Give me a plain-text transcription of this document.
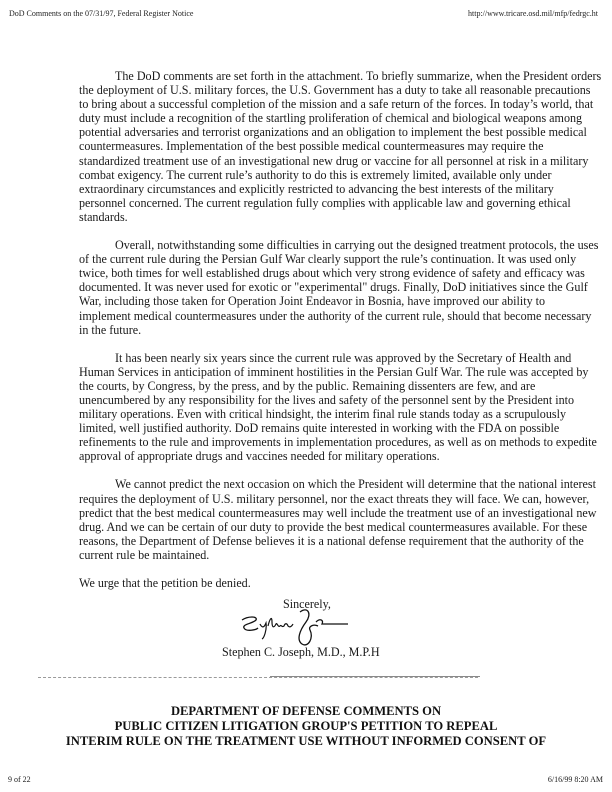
DoD Comments on the 07/31/97, Federal Register Notice	http://www.tricare.osd.mil/mfp/fedrgc.ht
The DoD comments are set forth in the attachment. To briefly summarize, when the President orders
the deployment of U.S. military forces, the U.S. Government has a duty to take all reasonable precautions
to bring about a successful completion of the mission and a safe return of the forces. In today’s world, that
duty must include a recognition of the startling proliferation of chemical and biological weapons among
potential adversaries and terrorist organizations and an obligation to implement the best possible medical
countermeasures. Implementation of the best possible medical countermeasures may require the
standardized treatment use of an investigational new drug or vaccine for all personnel at risk in a military
combat exigency. The current rule’s authority to do this is extremely limited, available only under
extraordinary circumstances and explicitly restricted to advancing the best interests of the military
personnel concerned. The current regulation fully complies with applicable law and governing ethical
standards.
Overall, notwithstanding some difficulties in carrying out the designed treatment protocols, the uses
of the current rule during the Persian Gulf War clearly support the rule’s continuation. It was used only
twice, both times for well established drugs about which very strong evidence of safety and efficacy was
documented. It was never used for exotic or "experimental" drugs. Finally, DoD initiatives since the Gulf
War, including those taken for Operation Joint Endeavor in Bosnia, have improved our ability to
implement medical countermeasures under the authority of the current rule, should that become necessary
in the future.
It has been nearly six years since the current rule was approved by the Secretary of Health and
Human Services in anticipation of imminent hostilities in the Persian Gulf War. The rule was accepted by
the courts, by Congress, by the press, and by the public. Remaining dissenters are few, and are
unencumbered by any responsibility for the lives and safety of the personnel sent by the President into
military operations. Even with critical hindsight, the interim final rule stands today as a scrupulously
limited, well justified authority. DoD remains quite interested in working with the FDA on possible
refinements to the rule and improvements in implementation procedures, as well as on methods to expedite
approval of appropriate drugs and vaccines needed for military operations.
We cannot predict the next occasion on which the President will determine that the national interest
requires the deployment of U.S. military personnel, nor the exact threats they will face. We can, however,
predict that the best medical countermeasures may well include the treatment use of an investigational new
drug. And we can be certain of our duty to provide the best medical countermeasures available. For these
reasons, the Department of Defense believes it is a national defense requirement that the authority of the
current rule be maintained.
We urge that the petition be denied.
Sincerely,
Stephen C. Joseph, M.D., M.P.H
DEPARTMENT OF DEFENSE COMMENTS ON
PUBLIC CITIZEN LITIGATION GROUP'S PETITION TO REPEAL
INTERIM RULE ON THE TREATMENT USE WITHOUT INFORMED CONSENT OF
9 of 22	6/16/99 8:20 AM
